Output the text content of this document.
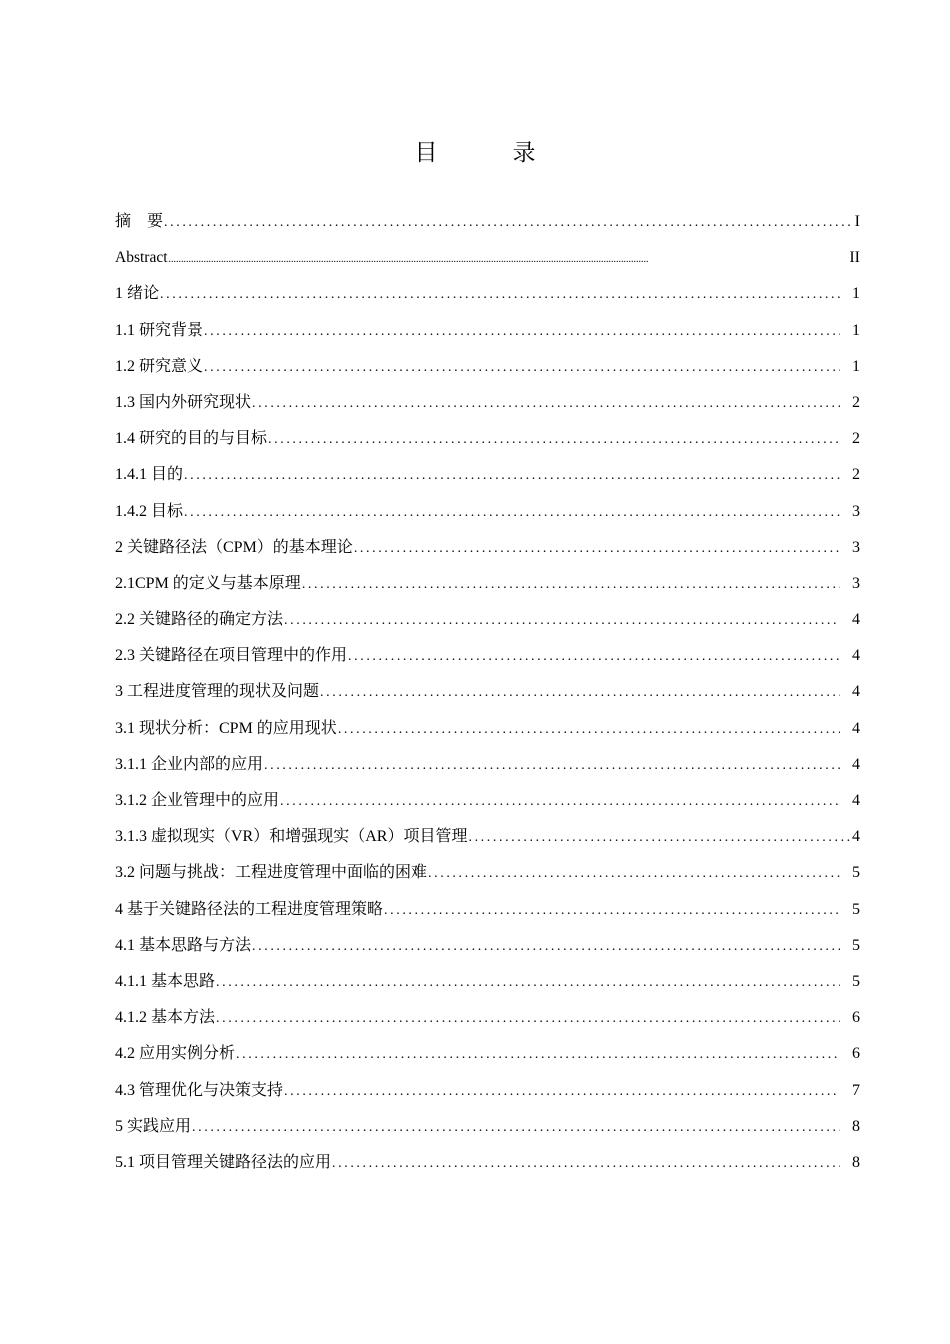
目　录
摘　要 .....	I
Abstract .....	II
1 绪论 .....	1
1.1 研究背景 .....	1
1.2 研究意义 .....	1
1.3 国内外研究现状 .....	2
1.4 研究的目的与目标 .....	2
1.4.1 目的 .....	2
1.4.2 目标 .....	3
2 关键路径法（CPM）的基本理论 .....	3
2.1CPM 的定义与基本原理 .....	3
2.2 关键路径的确定方法 .....	4
2.3 关键路径在项目管理中的作用 .....	4
3 工程进度管理的现状及问题 .....	4
3.1 现状分析：CPM 的应用现状 .....	4
3.1.1 企业内部的应用 .....	4
3.1.2 企业管理中的应用 .....	4
3.1.3 虚拟现实（VR）和增强现实（AR）项目管理 .....	4
3.2 问题与挑战：工程进度管理中面临的困难 .....	5
4 基于关键路径法的工程进度管理策略 .....	5
4.1 基本思路与方法 .....	5
4.1.1 基本思路 .....	5
4.1.2 基本方法 .....	6
4.2 应用实例分析 .....	6
4.3 管理优化与决策支持 .....	7
5 实践应用 .....	8
5.1 项目管理关键路径法的应用 .....	8
